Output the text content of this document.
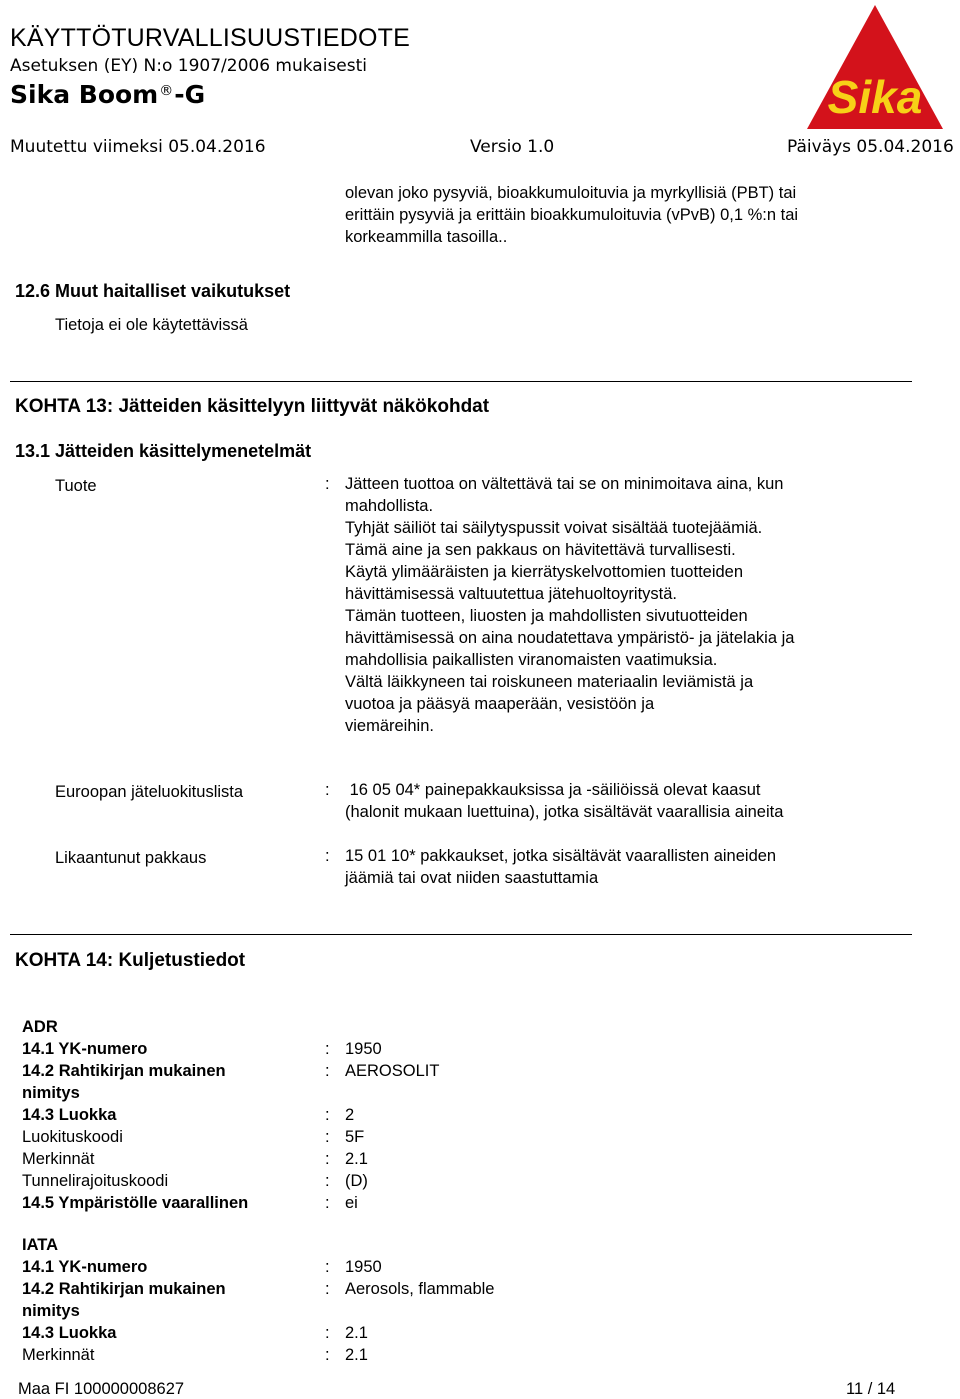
KÄYTTÖTURVALLISUUSTIEDOTE
Asetuksen (EY) N:o 1907/2006 mukaisesti
Sika Boom®-G
Muutettu viimeksi 05.04.2016	Versio 1.0	Päiväys 05.04.2016
Sika
olevan joko pysyviä, bioakkumuloituvia ja myrkyllisiä (PBT) tai
erittäin pysyviä ja erittäin bioakkumuloituvia (vPvB) 0,1 %:n tai
korkeammilla tasoilla..
12.6 Muut haitalliset vaikutukset
Tietoja ei ole käytettävissä
KOHTA 13: Jätteiden käsittelyyn liittyvät näkökohdat
13.1 Jätteiden käsittelymenetelmät
Tuote	: Jätteen tuottoa on vältettävä tai se on minimoitava aina, kun
mahdollista.
Tyhjät säiliöt tai säilytyspussit voivat sisältää tuotejäämiä.
Tämä aine ja sen pakkaus on hävitettävä turvallisesti.
Käytä ylimääräisten ja kierrätyskelvottomien tuotteiden
hävittämisessä valtuutettua jätehuoltoyritystä.
Tämän tuotteen, liuosten ja mahdollisten sivutuotteiden
hävittämisessä on aina noudatettava ympäristö- ja jätelakia ja
mahdollisia paikallisten viranomaisten vaatimuksia.
Vältä läikkyneen tai roiskuneen materiaalin leviämistä ja
vuotoa ja pääsyä maaperään, vesistöön ja
viemäreihin.
Euroopan jäteluokituslista	: 16 05 04* painepakkauksissa ja -säiliöissä olevat kaasut
(halonit mukaan luettuina), jotka sisältävät vaarallisia aineita
Likaantunut pakkaus	: 15 01 10* pakkaukset, jotka sisältävät vaarallisten aineiden
jäämiä tai ovat niiden saastuttamia
KOHTA 14: Kuljetustiedot
ADR
14.1 YK-numero	: 1950
14.2 Rahtikirjan mukainen
nimitys
: AEROSOLIT
14.3 Luokka	: 2
Luokituskoodi	: 5F
Merkinnät	: 2.1
Tunnelirajoituskoodi	: (D)
14.5 Ympäristölle vaarallinen	: ei
IATA
14.1 YK-numero	: 1950
14.2 Rahtikirjan mukainen
nimitys
: Aerosols, flammable
14.3 Luokka	: 2.1
Merkinnät	: 2.1
Maa FI 100000008627	11 / 14
